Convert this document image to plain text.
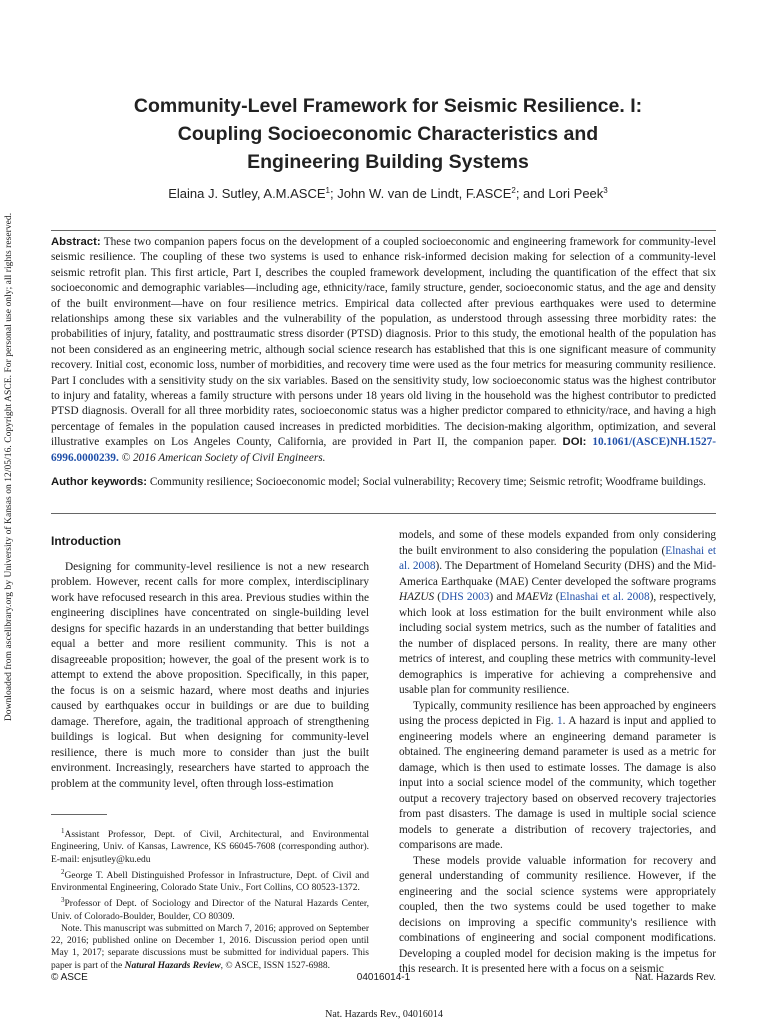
Downloaded from ascelibrary.org by University of Kansas on 12/05/16. Copyright ASCE. For personal use only; all rights reserved.
Community-Level Framework for Seismic Resilience. I:
Coupling Socioeconomic Characteristics and
Engineering Building Systems
Elaina J. Sutley, A.M.ASCE$^1$; John W. van de Lindt, F.ASCE$^2$; and Lori Peek$^3$
Abstract: These two companion papers focus on the development of a coupled socioeconomic and engineering framework for community-level seismic resilience. The coupling of these two systems is used to enhance risk-informed decision making for selection of a community-level seismic retrofit plan. This first article, Part I, describes the coupled framework development, including the quantification of the effect that six socioeconomic and demographic variables—including age, ethnicity/race, family structure, gender, socioeconomic status, and the age and density of the built environment—have on four resilience metrics. Empirical data collected after previous earthquakes were used to determine relationships among these six variables and the vulnerability of the population, as understood through assessing three morbidity rates: the probabilities of injury, fatality, and posttraumatic stress disorder (PTSD) diagnosis. Prior to this study, the emotional health of the population has not been considered as an engineering metric, although social science research has established that this is one significant measure of community recovery. Initial cost, economic loss, number of morbidities, and recovery time were used as the four metrics for measuring community resilience. Part I concludes with a sensitivity study on the six variables. Based on the sensitivity study, low socioeconomic status was the highest contributor to injury and fatality, whereas a family structure with persons under 18 years old living in the household was the highest contributor to predicted PTSD diagnosis. Overall for all three morbidity rates, socioeconomic status was a higher predictor compared to ethnicity/race, and having a high percentage of females in the population caused increases in predicted morbidities. The decision-making algorithm, optimization, and several illustrative examples on Los Angeles County, California, are provided in Part II, the companion paper. DOI: 10.1061/(ASCE)NH.1527-6996.0000239. © 2016 American Society of Civil Engineers.
Author keywords: Community resilience; Socioeconomic model; Social vulnerability; Recovery time; Seismic retrofit; Woodframe buildings.
Introduction

Designing for community-level resilience is not a new research problem. However, recent calls for more complex, interdisciplinary work have refocused research in this area. Previous studies within the engineering disciplines have concentrated on single-building level designs for specific hazards in an understanding that better buildings equal a better and more resilient community. This is not a disagreeable proposition; however, the goal of the present work is to attempt to extend the above proposition. Specifically, in this paper, the focus is on a seismic hazard, where most deaths and injuries caused by earthquakes occur in buildings or are due to building damage. Therefore, again, the traditional approach of strengthening buildings is logical. But when designing for community-level resilience, there is much more to consider than just the built environment. Increasingly, researchers have started to approach the problem at the community level, often through loss-estimation

$^1$Assistant Professor, Dept. of Civil, Architectural, and Environmental Engineering, Univ. of Kansas, Lawrence, KS 66045-7608 (corresponding author). E-mail: enjsutley@ku.edu

$^2$George T. Abell Distinguished Professor in Infrastructure, Dept. of Civil and Environmental Engineering, Colorado State Univ., Fort Collins, CO 80523-1372.

$^3$Professor of Dept. of Sociology and Director of the Natural Hazards Center, Univ. of Colorado-Boulder, Boulder, CO 80309.

Note. This manuscript was submitted on March 7, 2016; approved on September 22, 2016; published online on December 1, 2016. Discussion period open until May 1, 2017; separate discussions must be submitted for individual papers. This paper is part of the Natural Hazards Review, © ASCE, ISSN 1527-6988.

models, and some of these models expanded from only considering the built environment to also considering the population (Elnashai et al. 2008). The Department of Homeland Security (DHS) and the Mid-America Earthquake (MAE) Center developed the software programs HAZUS (DHS 2003) and MAEViz (Elnashai et al. 2008), respectively, which look at loss estimation for the built environment while also including social system metrics, such as the number of fatalities and the number of displaced persons. In reality, there are many other metrics of interest, and coupling these metrics with community-level demographics is imperative for achieving a comprehensive and usable plan for community resilience.

Typically, community resilience has been approached by engineers using the process depicted in Fig. 1. A hazard is input and applied to engineering models where an engineering demand parameter is obtained. The engineering demand parameter is used as a metric for damage, which is then used to estimate losses. The damage is also input into a social science model of the community, which together output a recovery trajectory based on observed recovery trajectories from past disasters. The damage is used in multiple social science models to generate a distribution of recovery trajectories, and comparisons are made.

These models provide valuable information for recovery and general understanding of community resilience. However, if the engineering and the social science systems were appropriately coupled, then the two systems could be used together to make decisions on improving a specific community's resilience with combinations of engineering and social component modifications. Developing a coupled model for decision making is the impetus for this research. It is presented here with a focus on a seismic

© ASCE	04016014-1	Nat. Hazards Rev.
Nat. Hazards Rev., 04016014
